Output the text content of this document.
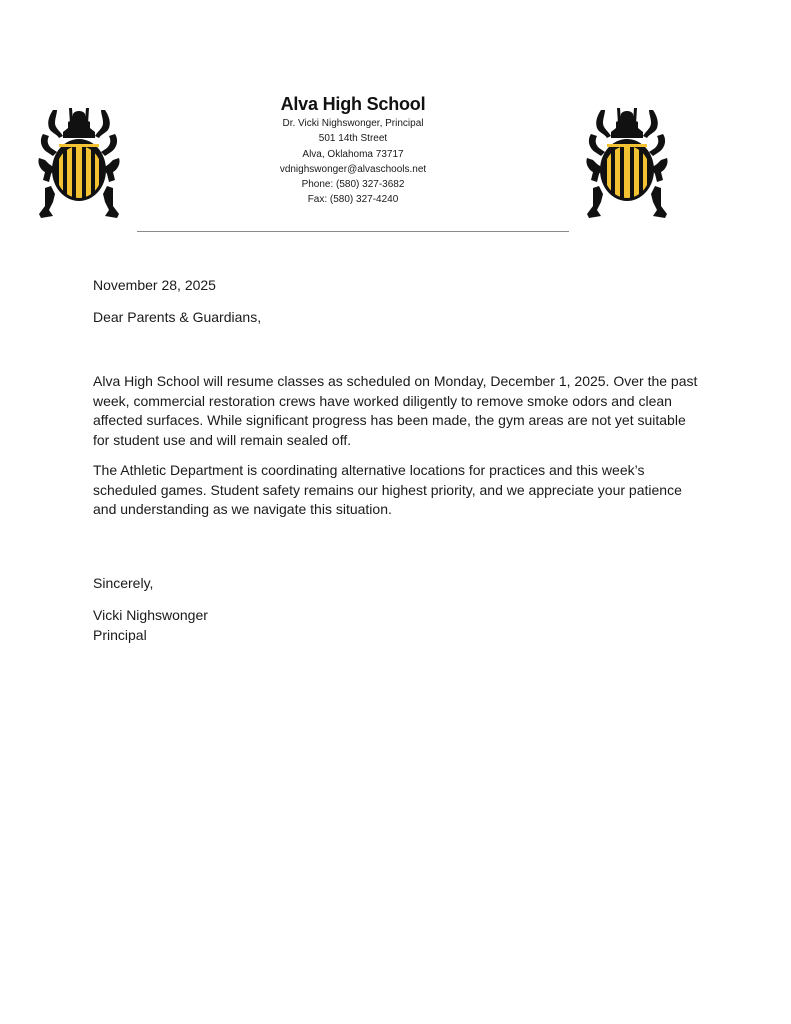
Alva High School
Dr. Vicki Nighswonger, Principal
501 14th Street
Alva, Oklahoma 73717
vdnighswonger@alvaschools.net
Phone: (580) 327-3682
Fax: (580) 327-4240

November 28, 2025

Dear Parents & Guardians,

Alva High School will resume classes as scheduled on Monday, December 1, 2025. Over the past week, commercial restoration crews have worked diligently to remove smoke odors and clean affected surfaces. While significant progress has been made, the gym areas are not yet suitable for student use and will remain sealed off.

The Athletic Department is coordinating alternative locations for practices and this week’s scheduled games. Student safety remains our highest priority, and we appreciate your patience and understanding as we navigate this situation.

Sincerely,

Vicki Nighswonger

Principal
